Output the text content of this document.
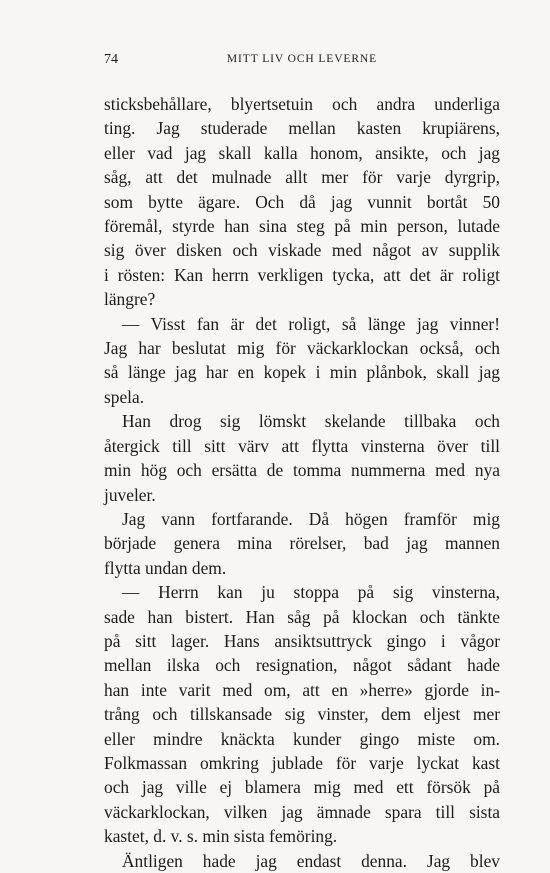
74	MITT LIV OCH LEVERNE
sticksbehållare, blyertsetuin och andra underliga
ting. Jag studerade mellan kasten krupiärens,
eller vad jag skall kalla honom, ansikte, och jag
såg, att det mulnade allt mer för varje dyrgrip,
som bytte ägare. Och då jag vunnit bortåt 50
föremål, styrde han sina steg på min person, lutade
sig över disken och viskade med något av supplik
i rösten: Kan herrn verkligen tycka, att det är roligt
längre?
— Visst fan är det roligt, så länge jag vinner!
Jag har beslutat mig för väckarklockan också, och
så länge jag har en kopek i min plånbok, skall jag
spela.
Han drog sig lömskt skelande tillbaka och
återgick till sitt värv att flytta vinsterna över till
min hög och ersätta de tomma nummerna med nya
juveler.
Jag vann fortfarande. Då högen framför mig
började genera mina rörelser, bad jag mannen
flytta undan dem.
— Herrn kan ju stoppa på sig vinsterna,
sade han bistert. Han såg på klockan och tänkte
på sitt lager. Hans ansiktsuttryck gingo i vågor
mellan ilska och resignation, något sådant hade
han inte varit med om, att en »herre» gjorde in-
trång och tillskansade sig vinster, dem eljest mer
eller mindre knäckta kunder gingo miste om.
Folkmassan omkring jublade för varje lyckat kast
och jag ville ej blamera mig med ett försök på
väckarklockan, vilken jag ämnade spara till sista
kastet, d. v. s. min sista femöring.
Äntligen hade jag endast denna. Jag blev
